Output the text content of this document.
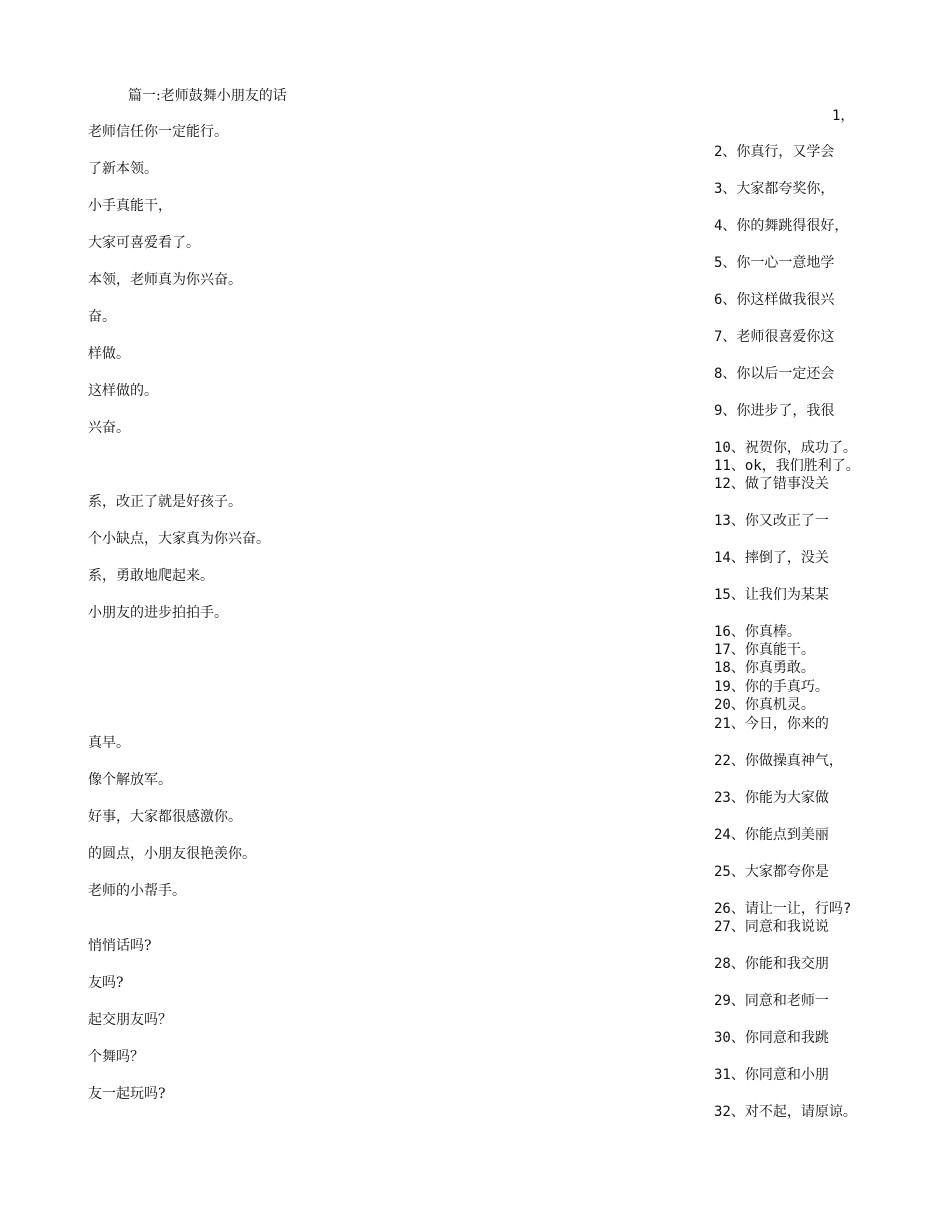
篇一:老师鼓舞小朋友的话
老师信任你一定能行。
了新本领。
小手真能干，
大家可喜爱看了。
本领，老师真为你兴奋。
奋。
样做。
这样做的。
兴奋。
系，改正了就是好孩子。
个小缺点，大家真为你兴奋。
系，勇敢地爬起来。
小朋友的进步拍拍手。
真早。
像个解放军。
好事，大家都很感激你。
的圆点，小朋友很艳羡你。
老师的小帮手。
悄悄话吗?
友吗?
起交朋友吗？
个舞吗？
友一起玩吗?
1，
2、你真行，又学会
3、大家都夸奖你，
4、你的舞跳得很好，
5、你一心一意地学
6、你这样做我很兴
7、老师很喜爱你这
8、你以后一定还会
9、你进步了，我很
10、祝贺你，成功了。
11、ok，我们胜利了。
12、做了错事没关
13、你又改正了一
14、摔倒了，没关
15、让我们为某某
16、你真棒。
17、你真能干。
18、你真勇敢。
19、你的手真巧。
20、你真机灵。
21、今日，你来的
22、你做操真神气，
23、你能为大家做
24、你能点到美丽
25、大家都夸你是
26、请让一让，行吗?
27、同意和我说说
28、你能和我交朋
29、同意和老师一
30、你同意和我跳
31、你同意和小朋
32、对不起，请原谅。
